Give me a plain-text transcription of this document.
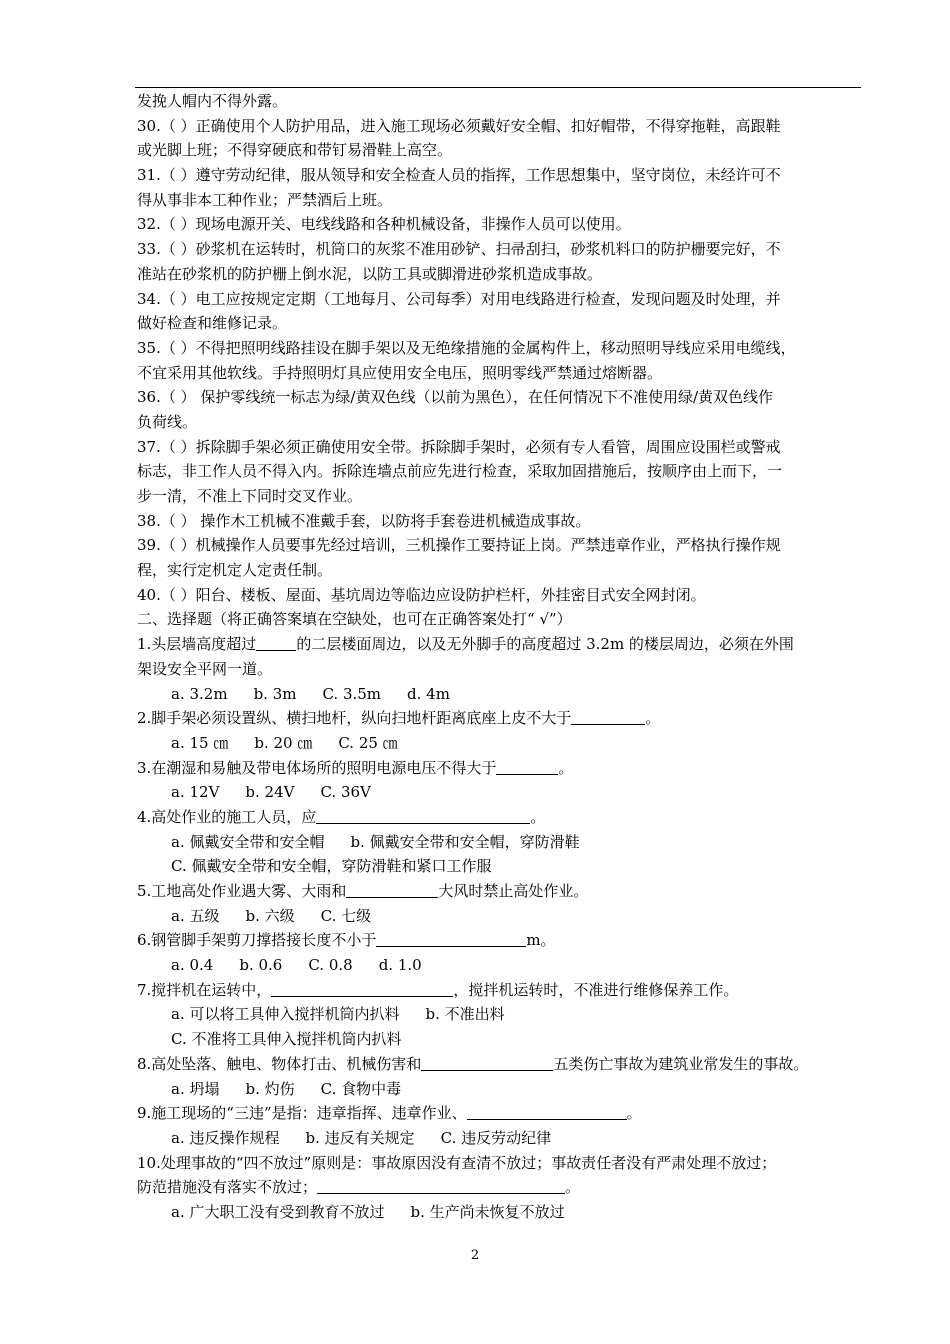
发挽人帽内不得外露。
30.（ ）正确使用个人防护用品，进入施工现场必须戴好安全帽、扣好帽带，不得穿拖鞋，高跟鞋
或光脚上班；不得穿硬底和带钉易滑鞋上高空。
31.（ ）遵守劳动纪律，服从领导和安全检查人员的指挥，工作思想集中，坚守岗位，未经许可不
得从事非本工种作业；严禁酒后上班。
32.（ ）现场电源开关、电线线路和各种机械设备，非操作人员可以使用。
33.（ ）砂浆机在运转时，机筒口的灰浆不准用砂铲、扫帚刮扫，砂浆机料口的防护栅要完好，不
准站在砂浆机的防护栅上倒水泥，以防工具或脚滑进砂浆机造成事故。
34.（ ）电工应按规定定期（工地每月、公司每季）对用电线路进行检查，发现问题及时处理，并
做好检查和维修记录。
35.（ ）不得把照明线路挂设在脚手架以及无绝缘措施的金属构件上，移动照明导线应采用电缆线，
不宜采用其他软线。手持照明灯具应使用安全电压，照明零线严禁通过熔断器。
36.（ ） 保护零线统一标志为绿/黄双色线（以前为黑色），在任何情况下不准使用绿/黄双色线作
负荷线。
37.（ ）拆除脚手架必须正确使用安全带。拆除脚手架时，必须有专人看管，周围应设围栏或警戒
标志，非工作人员不得入内。拆除连墙点前应先进行检查，采取加固措施后，按顺序由上而下，一
步一清，不准上下同时交叉作业。
38.（ ） 操作木工机械不准戴手套，以防将手套卷进机械造成事故。
39.（ ）机械操作人员要事先经过培训，三机操作工要持证上岗。严禁违章作业，严格执行操作规
程，实行定机定人定责任制。
40.（ ）阳台、楼板、屋面、基坑周边等临边应设防护栏杆，外挂密目式安全网封闭。
二、选择题（将正确答案填在空缺处，也可在正确答案处打“ √”）
1.头层墙高度超过	的二层楼面周边，以及无外脚手的高度超过 3.2m 的楼层周边，必须在外围
架设安全平网一道。
a. 3.2m b. 3m C. 3.5m d. 4m
2.脚手架必须设置纵、横扫地杆，纵向扫地杆距离底座上皮不大于	。
a. 15 ㎝ b. 20 ㎝ C. 25 ㎝
3.在潮湿和易触及带电体场所的照明电源电压不得大于	。
a. 12V b. 24V C. 36V
4.高处作业的施工人员，应	。
a. 佩戴安全带和安全帽 b. 佩戴安全带和安全帽，穿防滑鞋
C. 佩戴安全带和安全帽，穿防滑鞋和紧口工作服
5.工地高处作业遇大雾、大雨和	大风时禁止高处作业。
a. 五级 b. 六级 C. 七级
6.钢管脚手架剪刀撑搭接长度不小于	m。
a. 0.4 b. 0.6 C. 0.8 d. 1.0
7.搅拌机在运转中，	，搅拌机运转时，不准进行维修保养工作。
a. 可以将工具伸入搅拌机筒内扒料 b. 不准出料
C. 不准将工具伸入搅拌机筒内扒料
8.高处坠落、触电、物体打击、机械伤害和	五类伤亡事故为建筑业常发生的事故。
a. 坍塌 b. 灼伤 C. 食物中毒
9.施工现场的“三违”是指：违章指挥、违章作业、	。
a. 违反操作规程 b. 违反有关规定 C. 违反劳动纪律
10.处理事故的“四不放过”原则是：事故原因没有查清不放过；事故责任者没有严肃处理不放过；
防范措施没有落实不放过；	。
a. 广大职工没有受到教育不放过 b. 生产尚未恢复不放过
2
